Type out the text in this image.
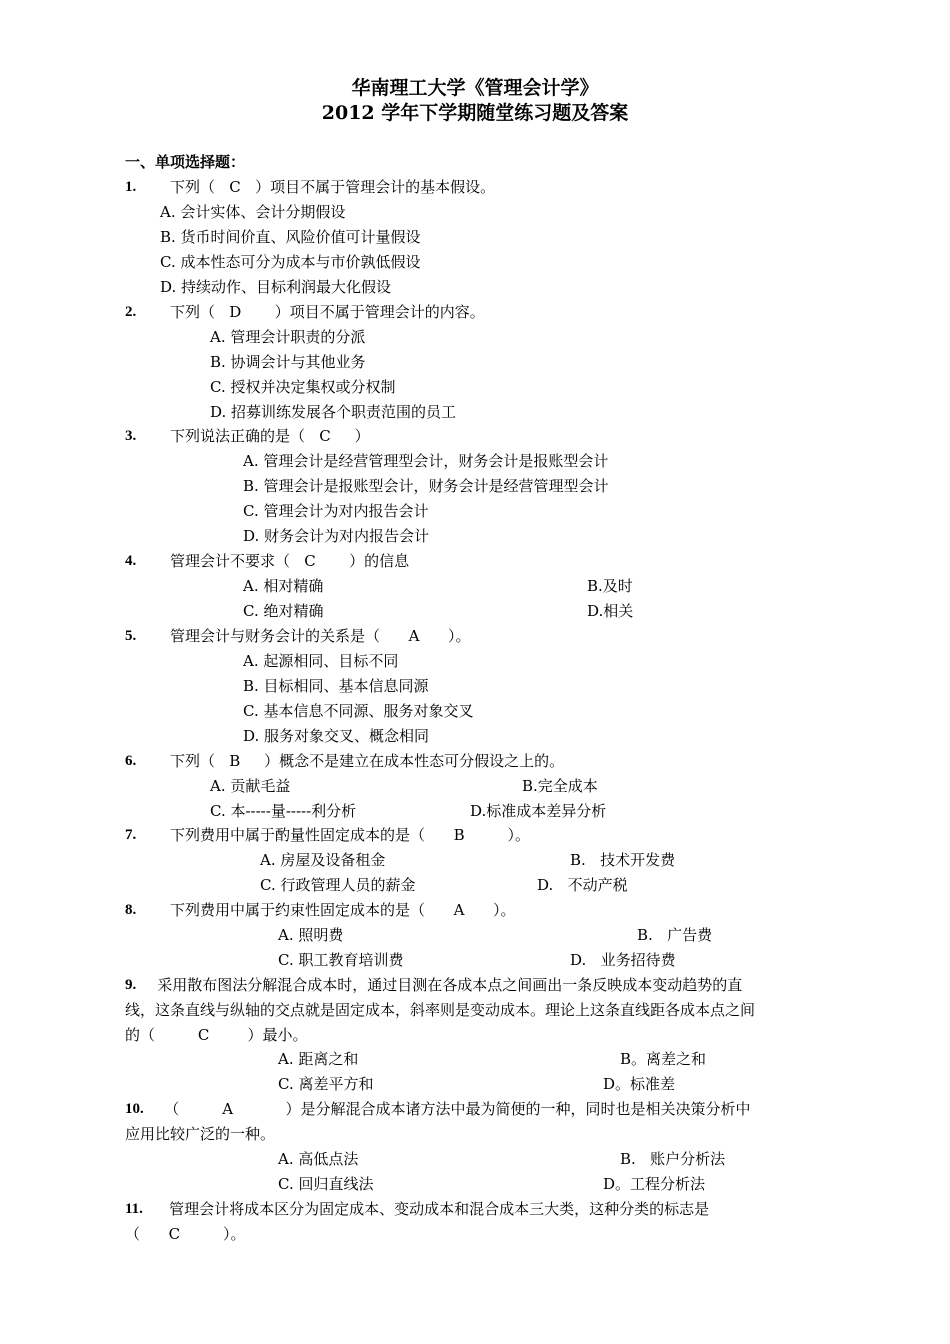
华南理工大学《管理会计学》
2012 学年下学期随堂练习题及答案
一、单项选择题：
1. 下列（   C   ）项目不属于管理会计的基本假设。
A. 会计实体、会计分期假设
B. 货币时间价直、风险价值可计量假设
C. 成本性态可分为成本与市价孰低假设
D. 持续动作、目标利润最大化假设
2. 下列（   D       ）项目不属于管理会计的内容。
A. 管理会计职责的分派
B. 协调会计与其他业务
C. 授权并决定集权或分权制
D. 招募训练发展各个职责范围的员工
3. 下列说法正确的是（   C     ）
A. 管理会计是经营管理型会计，财务会计是报账型会计
B. 管理会计是报账型会计，财务会计是经营管理型会计
C. 管理会计为对内报告会计
D. 财务会计为对内报告会计
4. 管理会计不要求（   C       ）的信息
A. 相对精确	B.及时
C. 绝对精确	D.相关
5. 管理会计与财务会计的关系是（      A      ）。
A. 起源相同、目标不同
B. 目标相同、基本信息同源
C. 基本信息不同源、服务对象交叉
D. 服务对象交叉、概念相同
6. 下列（   B     ）概念不是建立在成本性态可分假设之上的。
A. 贡献毛益	B.完全成本
C. 本-----量-----利分析	D.标准成本差异分析
7. 下列费用中属于酌量性固定成本的是（      B         ）。
A. 房屋及设备租金	B.   技术开发费
C. 行政管理人员的薪金	D.   不动产税
8. 下列费用中属于约束性固定成本的是（      A      ）。
A. 照明费	B.   广告费
C. 职工教育培训费	D.   业务招待费
9. 采用散布图法分解混合成本时，通过目测在各成本点之间画出一条反映成本变动趋势的直
线，这条直线与纵轴的交点就是固定成本，斜率则是变动成本。理论上这条直线距各成本点之间
的（         C        ）最小。
A. 距离之和	B。离差之和
C. 离差平方和	D。标准差
10. （         A           ）是分解混合成本诸方法中最为简便的一种，同时也是相关决策分析中
应用比较广泛的一种。
A. 高低点法	B.   账户分析法
C. 回归直线法	D。工程分析法
11. 管理会计将成本区分为固定成本、变动成本和混合成本三大类，这种分类的标志是
（      C         ）。
